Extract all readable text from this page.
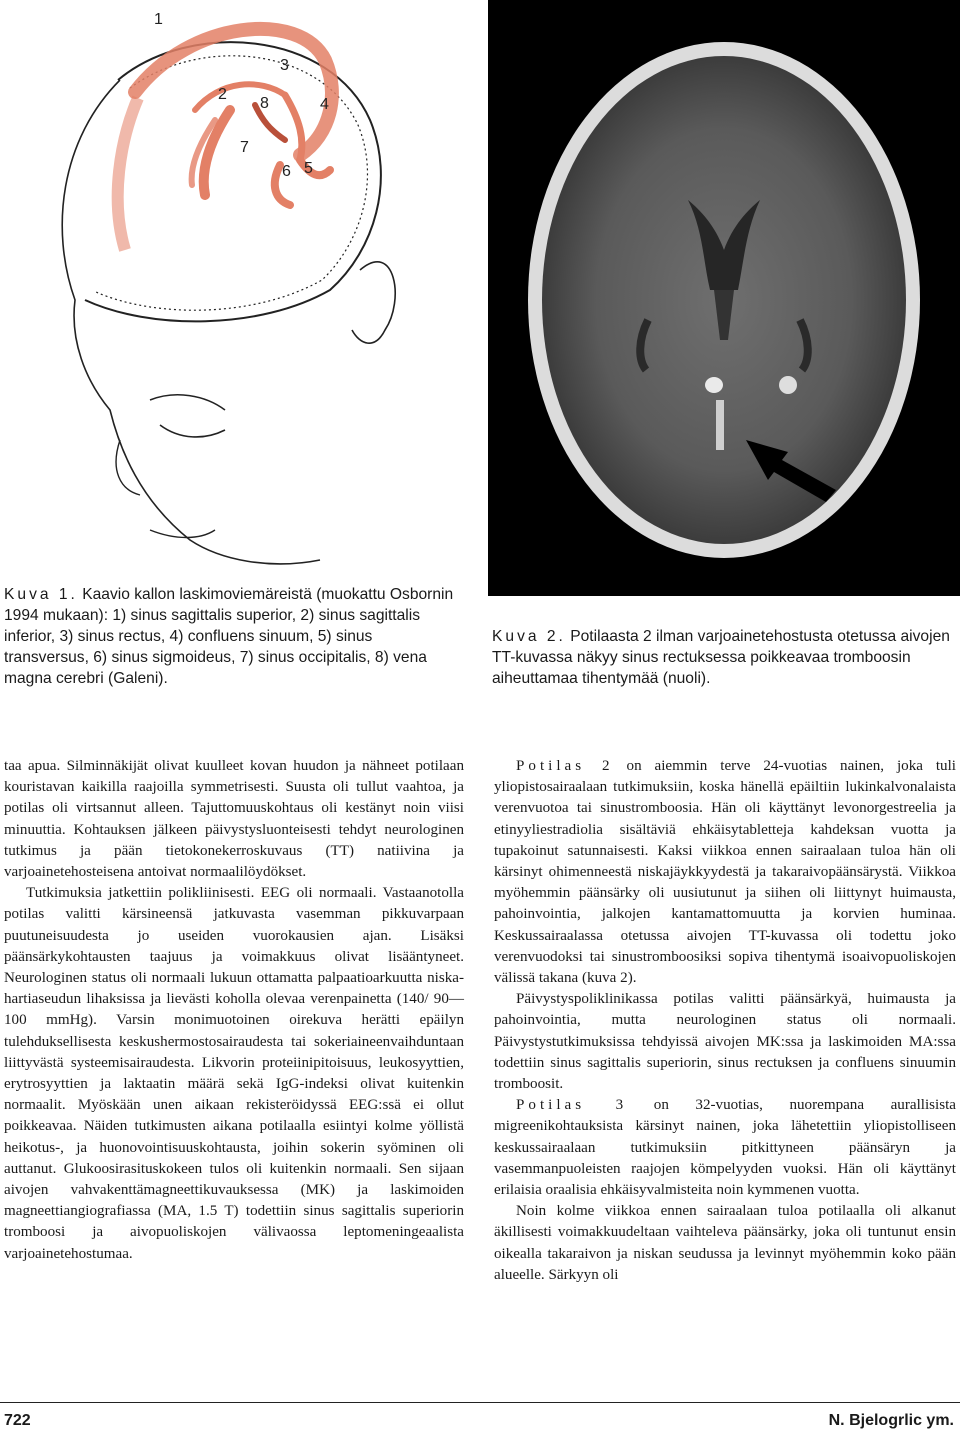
1
2
3
4
5
6
7
8

Kuva 1. Kaavio kallon laskimoviemäreistä (muokattu Osbornin 1994 mukaan): 1) sinus sagittalis superior, 2) sinus sagittalis inferior, 3) sinus rectus, 4) confluens sinuum, 5) sinus transversus, 6) sinus sigmoideus, 7) sinus occipitalis, 8) vena magna cerebri (Galeni).

Kuva 2. Potilaasta 2 ilman varjoainetehostusta otetussa aivojen TT-kuvassa näkyy sinus rectuksessa poikkeavaa tromboosin aiheuttamaa tihentymää (nuoli).

taa apua. Silminnäkijät olivat kuulleet kovan huudon ja nähneet potilaan kouristavan kaikilla raajoilla symmetrisesti. Suusta oli tullut vaahtoa, ja potilas oli virtsannut alleen. Tajuttomuuskohtaus oli kestänyt noin viisi minuuttia. Kohtauksen jälkeen päivystysluonteisesti tehdyt neurologinen tutkimus ja pään tietokonekerroskuvaus (TT) natiivina ja varjoainetehosteisena antoivat normaalilöydökset.

Tutkimuksia jatkettiin polikliinisesti. EEG oli normaali. Vastaanotolla potilas valitti kärsineensä jatkuvasta vasemman pikkuvarpaan puutuneisuudesta jo useiden vuorokausien ajan. Lisäksi päänsärkykohtausten taajuus ja voimakkuus olivat lisääntyneet. Neurologinen status oli normaali lukuun ottamatta palpaatioarkuutta niska-hartiaseudun lihaksissa ja lievästi koholla olevaa verenpainetta (140/ 90—100 mmHg). Varsin monimuotoinen oirekuva herätti epäilyn tulehduksellisesta keskushermostosairaudesta tai sokeriaineenvaihduntaan liittyvästä systeemisairaudesta. Likvorin proteiinipitoisuus, leukosyyttien, erytrosyyttien ja laktaatin määrä sekä IgG-indeksi olivat kuitenkin normaalit. Myöskään unen aikaan rekisteröidyssä EEG:ssä ei ollut poikkeavaa. Näiden tutkimusten aikana potilaalla esiintyi kolme yöllistä heikotus-, ja huonovointisuuskohtausta, joihin sokerin syöminen oli auttanut. Glukoosirasituskokeen tulos oli kuitenkin normaali. Sen sijaan aivojen vahvakenttämagneettikuvauksessa (MK) ja laskimoiden magneettiangiografiassa (MA, 1.5 T) todettiin sinus sagittalis superiorin tromboosi ja aivopuoliskojen välivaossa leptomeningeaalista varjoainetehostumaa.

Potilas 2 on aiemmin terve 24-vuotias nainen, joka tuli yliopistosairaalaan tutkimuksiin, koska hänellä epäiltiin lukinkalvonalaista verenvuotoa tai sinustromboosia. Hän oli käyttänyt levonorgestreelia ja etinyyliestradiolia sisältäviä ehkäisytabletteja kahdeksan vuotta ja tupakoinut satunnaisesti. Kaksi viikkoa ennen sairaalaan tuloa hän oli kärsinyt ohimenneestä niskajäykkyydestä ja takaraivopäänsärystä. Viikkoa myöhemmin päänsärky oli uusiutunut ja siihen oli liittynyt huimausta, pahoinvointia, jalkojen kantamattomuutta ja korvien huminaa. Keskussairaalassa otetussa aivojen TT-kuvassa oli todettu joko verenvuodoksi tai sinustromboosiksi sopiva tihentymä isoaivopuoliskojen välissä takana (kuva 2).

Päivystyspoliklinikassa potilas valitti päänsärkyä, huimausta ja pahoinvointia, mutta neurologinen status oli normaali. Päivystystutkimuksissa tehdyissä aivojen MK:ssa ja laskimoiden MA:ssa todettiin sinus sagittalis superiorin, sinus rectuksen ja confluens sinuumin tromboosit.

Potilas 3 on 32-vuotias, nuorempana aurallisista migreenikohtauksista kärsinyt nainen, joka lähetettiin yliopistolliseen keskussairaalaan tutkimuksiin pitkittyneen päänsäryn ja vasemmanpuoleisten raajojen kömpelyyden vuoksi. Hän oli käyttänyt erilaisia oraalisia ehkäisyvalmisteita noin kymmenen vuotta.

Noin kolme viikkoa ennen sairaalaan tuloa potilaalla oli alkanut äkillisesti voimakkuudeltaan vaihteleva päänsärky, joka oli tuntunut ensin oikealla takaraivon ja niskan seudussa ja levinnyt myöhemmin koko pään alueelle. Särkyyn oli

722	N. Bjelogrlic ym.
